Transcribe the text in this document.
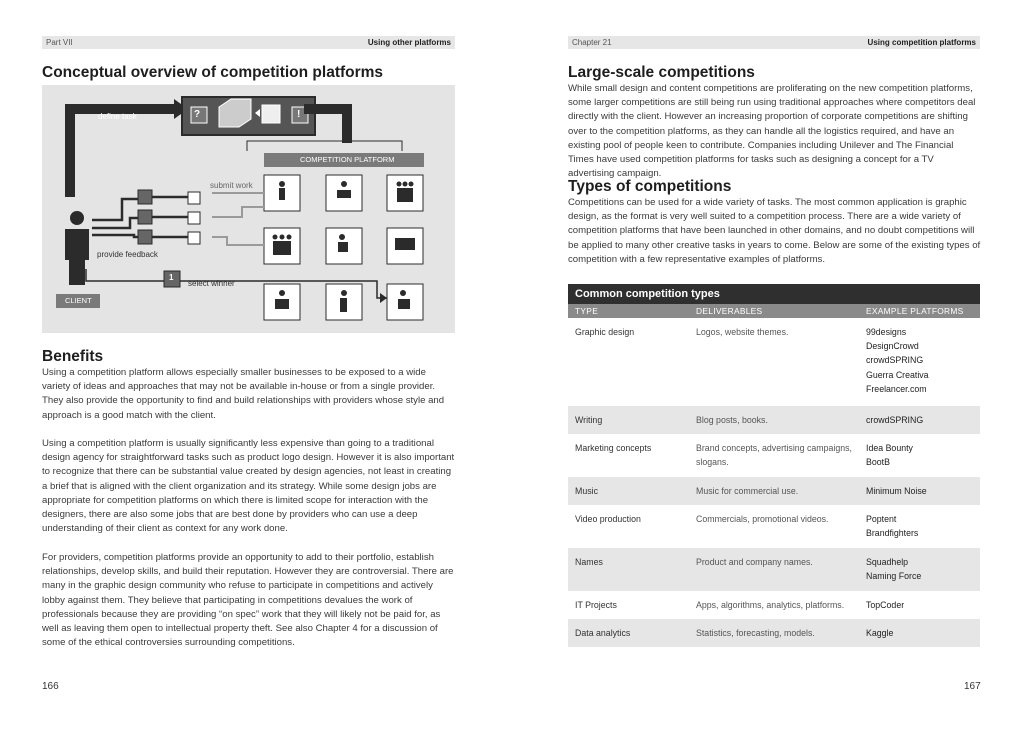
Part VII	Using other platforms
Conceptual overview of competition platforms
define task
COMPETITION PLATFORM
submit work
provide feedback
select winner
CLIENT
1
?	!
Benefits

Using a competition platform allows especially smaller businesses to be exposed to a wide variety of ideas and approaches that may not be available in-house or from a single provider. They also provide the opportunity to find and build relationships with providers whose style and approach is a good match with the client.

Using a competition platform is usually significantly less expensive than going to a traditional design agency for straightforward tasks such as product logo design. However it is also important to recognize that there can be substantial value created by design agencies, not least in creating a brief that is aligned with the client organization and its strategy. While some design jobs are appropriate for competition platforms on which there is limited scope for interaction with the designers, there are also some jobs that are best done by providers who can use a deep understanding of their client as context for any work done.

For providers, competition platforms provide an opportunity to add to their portfolio, establish relationships, develop skills, and build their reputation. However they are controversial. There are many in the graphic design community who refuse to participate in competitions and actively lobby against them. They believe that participating in competitions devalues the work of professionals because they are providing “on spec” work that they will likely not be paid for, as well as leaving them open to intellectual property theft. See also Chapter 4 for a discussion of some of the ethical controversies surrounding competitions.

166
Chapter 21	Using competition platforms
Large-scale competitions

While small design and content competitions are proliferating on the new competition platforms, some larger competitions are still being run using traditional approaches where competitors deal directly with the client. However an increasing proportion of corporate competitions are shifting over to the competition platforms, as they can handle all the logistics required, and have an existing pool of people keen to contribute. Companies including Unilever and The Financial Times have used competition platforms for tasks such as designing a concept for a TV advertising campaign.

Types of competitions

Competitions can be used for a wide variety of tasks. The most common application is graphic design, as the format is very well suited to a competition process. There are a wide variety of competition platforms that have been launched in other domains, and no doubt competitions will be applied to many other creative tasks in years to come. Below are some of the existing types of competition with a few representative examples of platforms.

Common competition types
TYPE	DELIVERABLES	EXAMPLE PLATFORMS
Graphic design	Logos, website themes.	99designs
DesignCrowd
crowdSPRING
Guerra Creativa
Freelancer.com
Writing	Blog posts, books.	crowdSPRING
Marketing concepts	Brand concepts, advertising campaigns, slogans.
Idea Bounty
BootB
Music	Music for commercial use.	Minimum Noise
Video production	Commercials, promotional videos.	Poptent
Brandfighters
Names	Product and company names.	Squadhelp
Naming Force
IT Projects	Apps, algorithms, analytics, platforms.	TopCoder
Data analytics	Statistics, forecasting, models.	Kaggle
167
